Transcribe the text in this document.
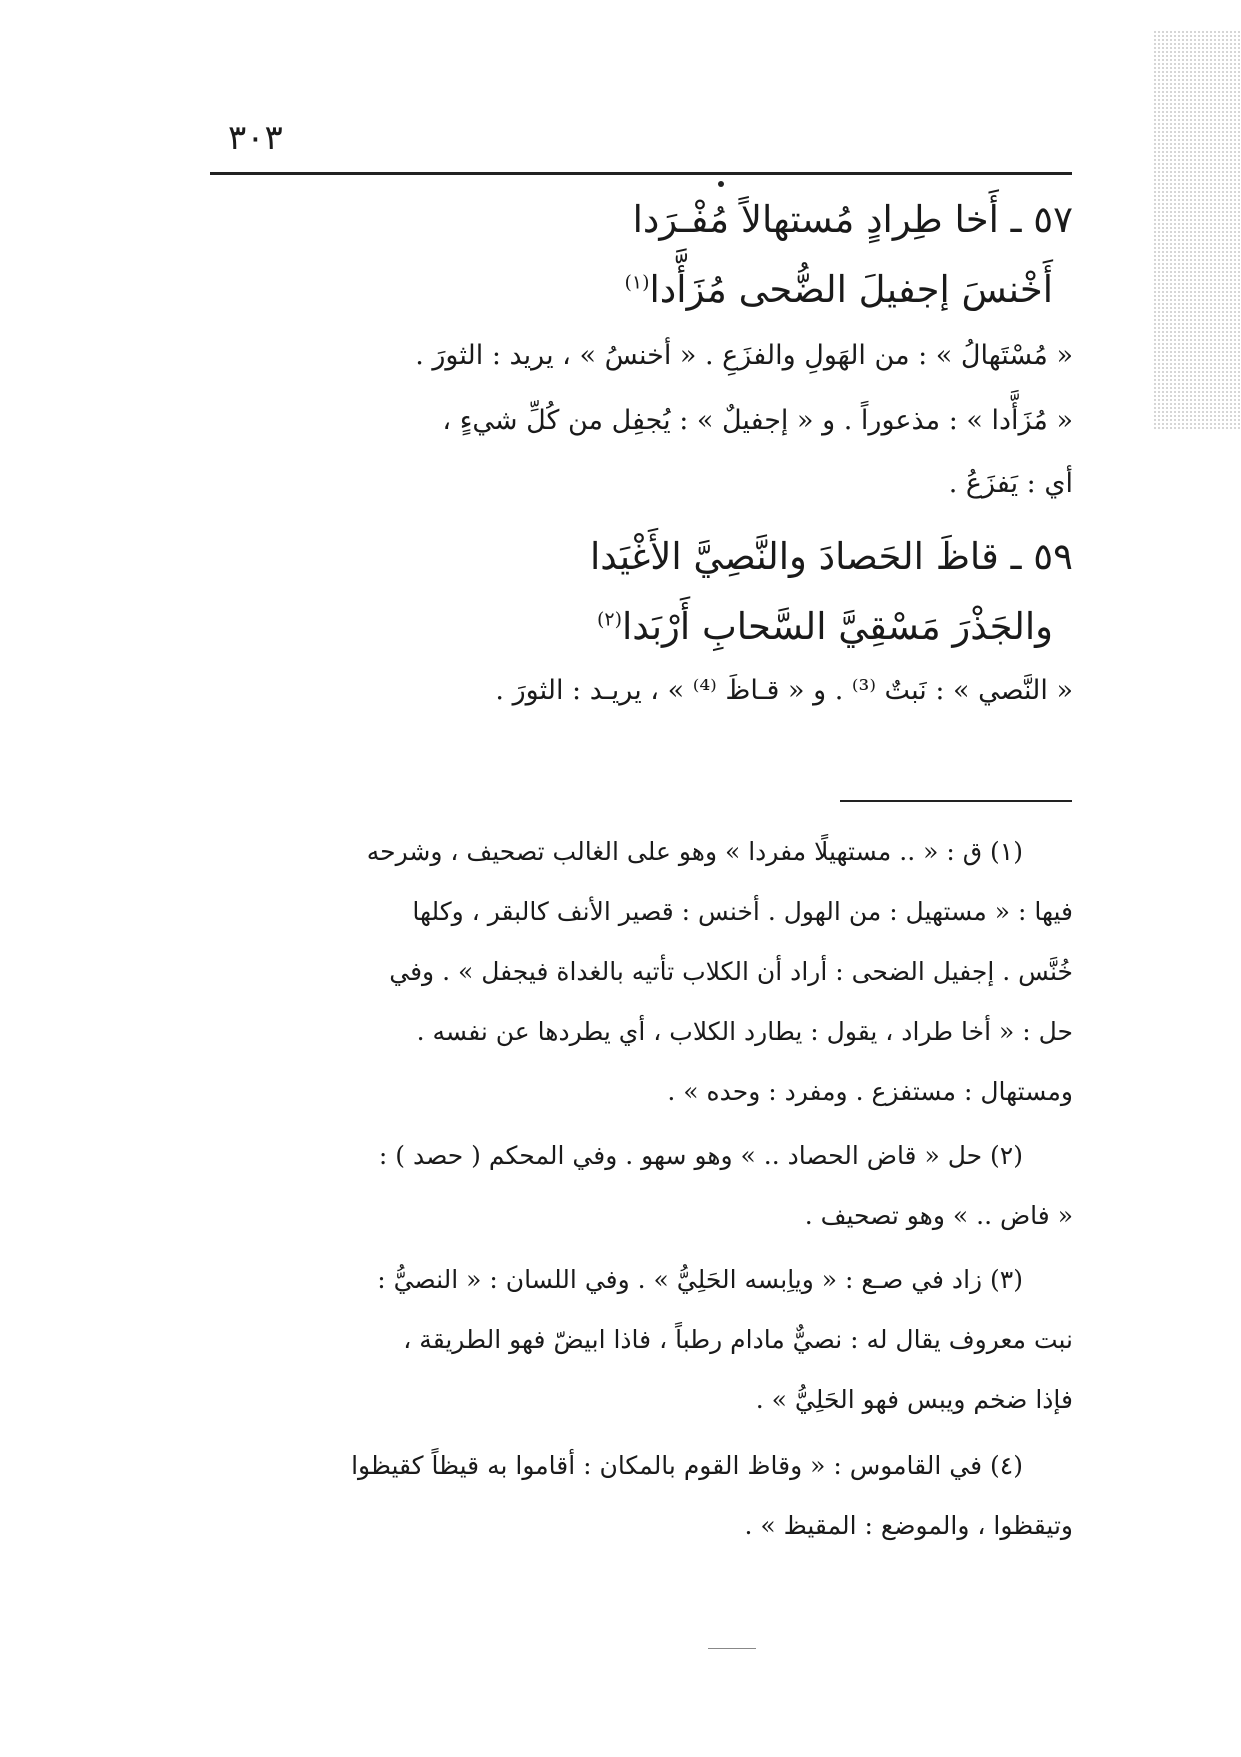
٣٠٣
٥٧ ـ أَخا طِرادٍ مُستهالاً مُفْـرَدا
أَخْنسَ إجفيلَ الضُّحى مُزَأَّدا$^{(١)}$
« مُسْتَهالُ » : من الهَولِ والفزَعِ . « أخنسُ » ، يريد : الثورَ .
« مُزَأَّدا » : مذعوراً . و « إجفيلٌ » : يُجفِل من كُلِّ شيءٍ ،
أي : يَفزَعُ .
٥٩ ـ قاظَ الحَصادَ والنَّصِيَّ الأَغْيَدا
والجَذْرَ مَسْقِيَّ السَّحابِ أَرْبَدا$^{(٢)}$
« النَّصي » : نَبتٌ ⁽³⁾ . و « قـاظَ ⁽⁴⁾ » ، يريـد : الثورَ .

(١) ق : « .. مستهيلًا مفردا » وهو على الغالب تصحيف ، وشرحه

فيها : « مستهيل : من الهول . أخنس : قصير الأنف كالبقر ، وكلها

خُنَّس . إجفيل الضحى : أراد أن الكلاب تأتيه بالغداة فيجفل » . وفي

حل : « أخا طراد ، يقول : يطارد الكلاب ، أي يطردها عن نفسه .

ومستهال : مستفزع . ومفرد : وحده » .

(٢) حل « قاض الحصاد .. » وهو سهو . وفي المحكم ( حصد ) :

« فاض .. » وهو تصحيف .

(٣) زاد في صـع : « وياِبسه الحَلِيُّ » . وفي اللسان : « النصيُّ :

نبت معروف يقال له : نصيٌّ مادام رطباً ، فاذا ابيضّ فهو الطريقة ،

فإذا ضخم ويبس فهو الحَلِيُّ » .

(٤) في القاموس : « وقاظ القوم بالمكان : أقاموا به قيظاً كقيظوا

وتيقظوا ، والموضع : المقيظ » .
